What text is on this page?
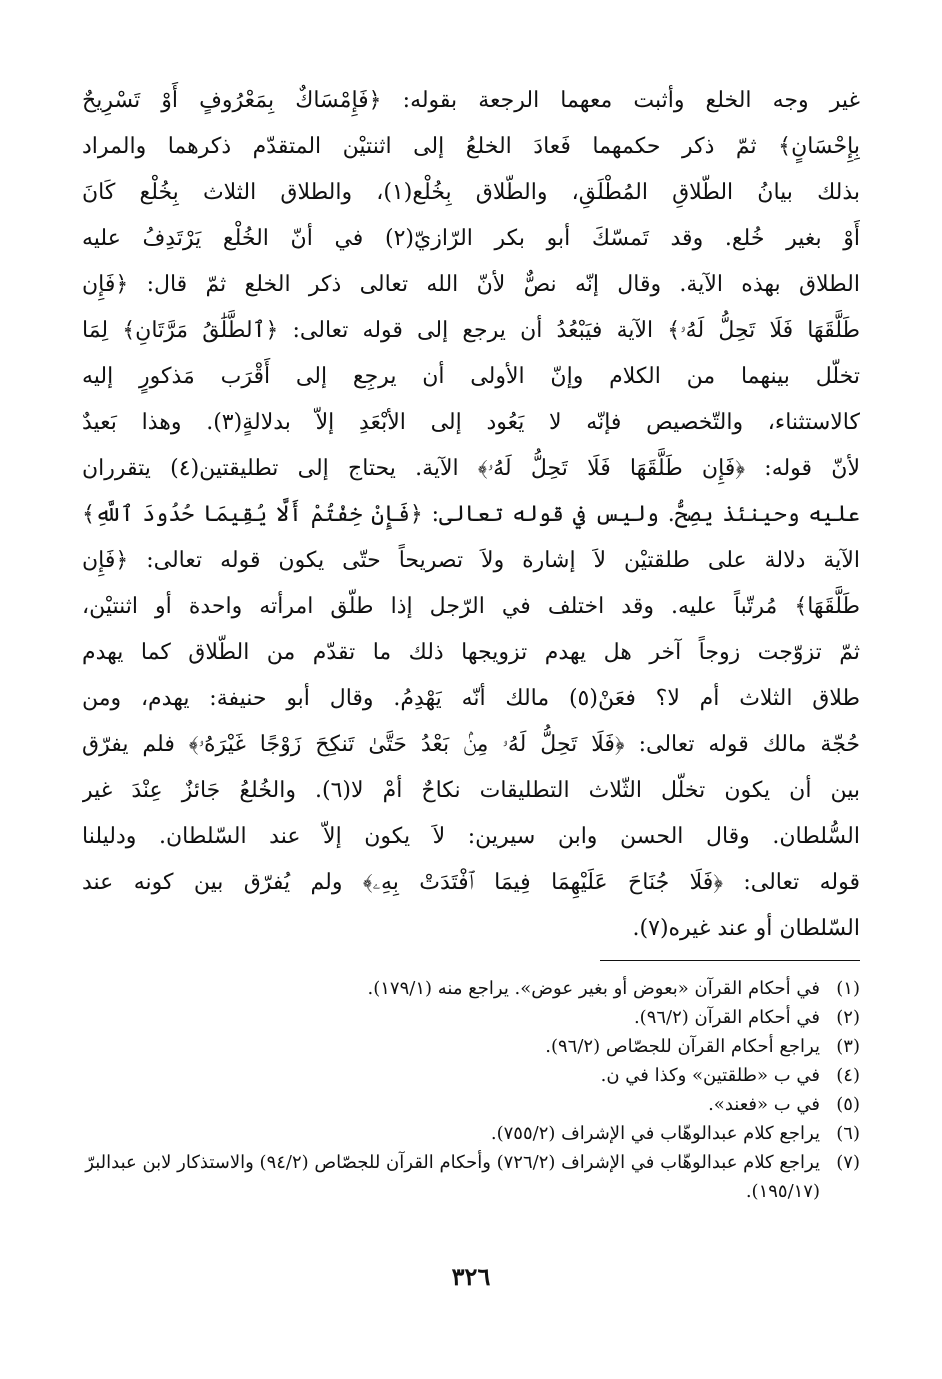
غير وجه الخلع وأثبت معهما الرجعة بقوله: ﴿فَإِمْسَاكٌ بِمَعْرُوفٍ أَوْ تَسْرِيحٌ
بِإِحْسَانٍ﴾ ثمّ ذكر حكمهما فَعادَ الخلعُ إلى اثنتيْن المتقدّم ذكرهما والمراد
بذلك بيانُ الطّلاقِ المُطْلَقِ، والطّلاق بِخُلْع(١)، والطلاق الثلاث بِخُلْع كَانَ
أَوْ بغير خُلع. وقد تَمسّكَ أبو بكر الرّازيّ(٢) في أنّ الخُلْع يَرْتَدِفُ عليه
الطلاق بهذه الآية. وقال إنّه نصٌّ لأنّ الله تعالى ذكر الخلع ثمّ قال: ﴿فَإِن
طَلَّقَهَا فَلَا تَحِلُّ لَهُۥ﴾ الآية فيَبْعُدُ أن يرجع إلى قوله تعالى: ﴿ٱلطَّلَٰقُ مَرَّتَانِ﴾ لِمَا
تخلّل بينهما من الكلام وإنّ الأولى أن يرجِع إلى أَقْرَب مَذكورٍ إليه
كالاستثناء، والتّخصيص فإنّه لا يَعُود إلى الأبْعَدِ إلاّ بدلالةٍ(٣). وهذا بَعيدٌ
لأنّ قوله: ﴿فَإِن طَلَّقَهَا فَلَا تَحِلُّ لَهُۥ﴾ الآية. يحتاج إلى تطليقتين(٤) يتقرران
عليه وحينئذ يصِحُّ. وليس في قوله تعالى: ﴿فَإِنْ خِفْتُمْ أَلَّا يُقِيمَا حُدُودَ ٱللَّهِ﴾
الآية دلالة على طلقتيْن لاَ إشارة ولاَ تصريحاً حتّى يكون قوله تعالى: ﴿فَإِن
طَلَّقَهَا﴾ مُرتّباً عليه. وقد اختلف في الرّجل إذا طلّق امرأته واحدة أو اثنتيْن،
ثمّ تزوّجت زوجاً آخر هل يهدم تزويجها ذلك ما تقدّم من الطّلاق كما يهدم
طلاق الثلاث أم لا؟ فعَنْ(٥) مالك أنّه يَهْدِمُ. وقال أبو حنيفة: يهدم، ومن
حُجّة مالك قوله تعالى: ﴿فَلَا تَحِلُّ لَهُۥ مِنۢ بَعْدُ حَتَّىٰ تَنكِحَ زَوْجًا غَيْرَهُۥ﴾ فلم يفرّق
بين أن يكون تخلّل الثّلاث التطليقات نكاحٌ أمْ لا(٦). والخُلعُ جَائزٌ عِنْدَ غير
السُّلطان. وقال الحسن وابن سيرين: لاَ يكون إلاّ عند السّلطان. ودليلنا
قوله تعالى: ﴿فَلَا جُنَاحَ عَلَيْهِمَا فِيمَا ٱفْتَدَتْ بِهِۦ﴾ ولم يُفرّق بين كونه عند
السّلطان أو عند غيره(٧).
(١)
في أحكام القرآن «بعوض أو بغير عوض». يراجع منه (١٧٩/١).
(٢)
في أحكام القرآن (٩٦/٢).
(٣)
يراجع أحكام القرآن للجصّاص (٩٦/٢).
(٤)
في ب «طلقتين» وكذا في ن.
(٥)
في ب «فعند».
(٦)
يراجع كلام عبدالوهّاب في الإشراف (٧٥٥/٢).
(٧)
يراجع كلام عبدالوهّاب في الإشراف (٧٢٦/٢) وأحكام القرآن للجصّاص (٩٤/٢) والاستذكار لابن عبدالبرّ (١٩٥/١٧).
٣٢٦
